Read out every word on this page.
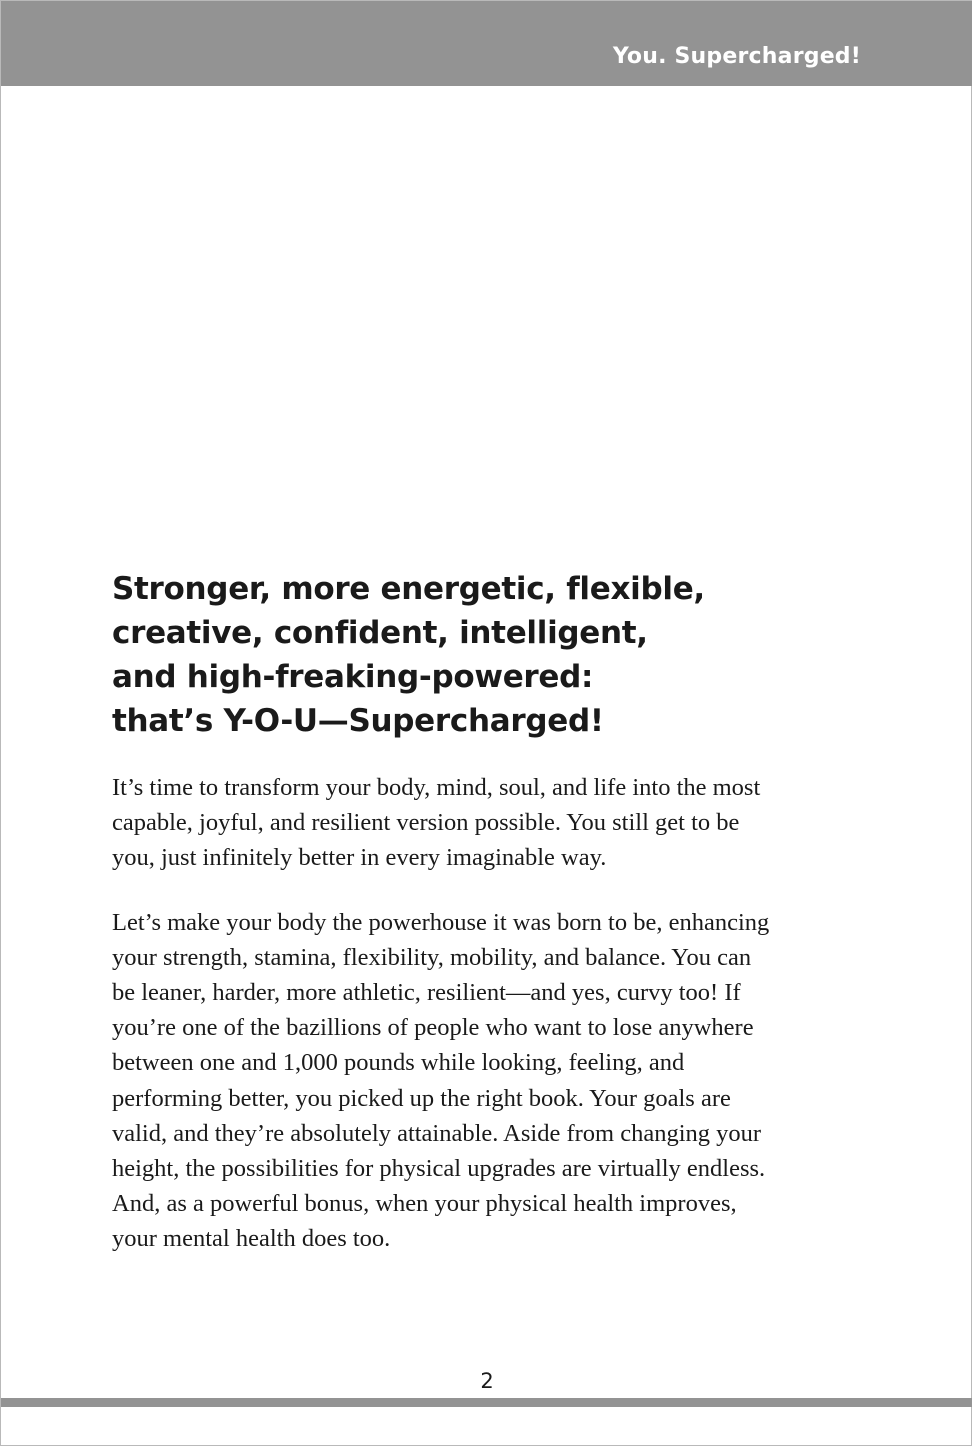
You. Supercharged!
Stronger, more energetic, flexible,
creative, confident, intelligent,
and high-freaking-powered:
that’s Y-O-U—Supercharged!

It’s time to transform your body, mind, soul, and life into the most
capable, joyful, and resilient version possible. You still get to be
you, just infinitely better in every imaginable way.

Let’s make your body the powerhouse it was born to be, enhancing
your strength, stamina, flexibility, mobility, and balance. You can
be leaner, harder, more athletic, resilient—and yes, curvy too! If
you’re one of the bazillions of people who want to lose anywhere
between one and 1,000 pounds while looking, feeling, and
performing better, you picked up the right book. Your goals are
valid, and they’re absolutely attainable. Aside from changing your
height, the possibilities for physical upgrades are virtually endless.
And, as a powerful bonus, when your physical health improves,
your mental health does too.

2
